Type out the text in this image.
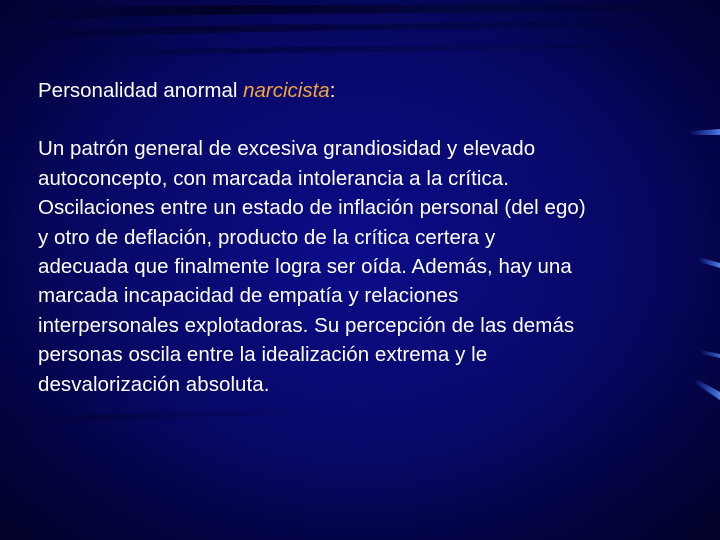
Personalidad anormal narcicista:

Un patrón general de excesiva grandiosidad y elevado
autoconcepto, con marcada intolerancia a la crítica.
Oscilaciones entre un estado de inflación personal (del ego)
y otro de deflación, producto de la crítica certera y
adecuada que finalmente logra ser oída. Además, hay una
marcada incapacidad de empatía y relaciones
interpersonales explotadoras. Su percepción de las demás
personas oscila entre la idealización extrema y le
desvalorización absoluta.
